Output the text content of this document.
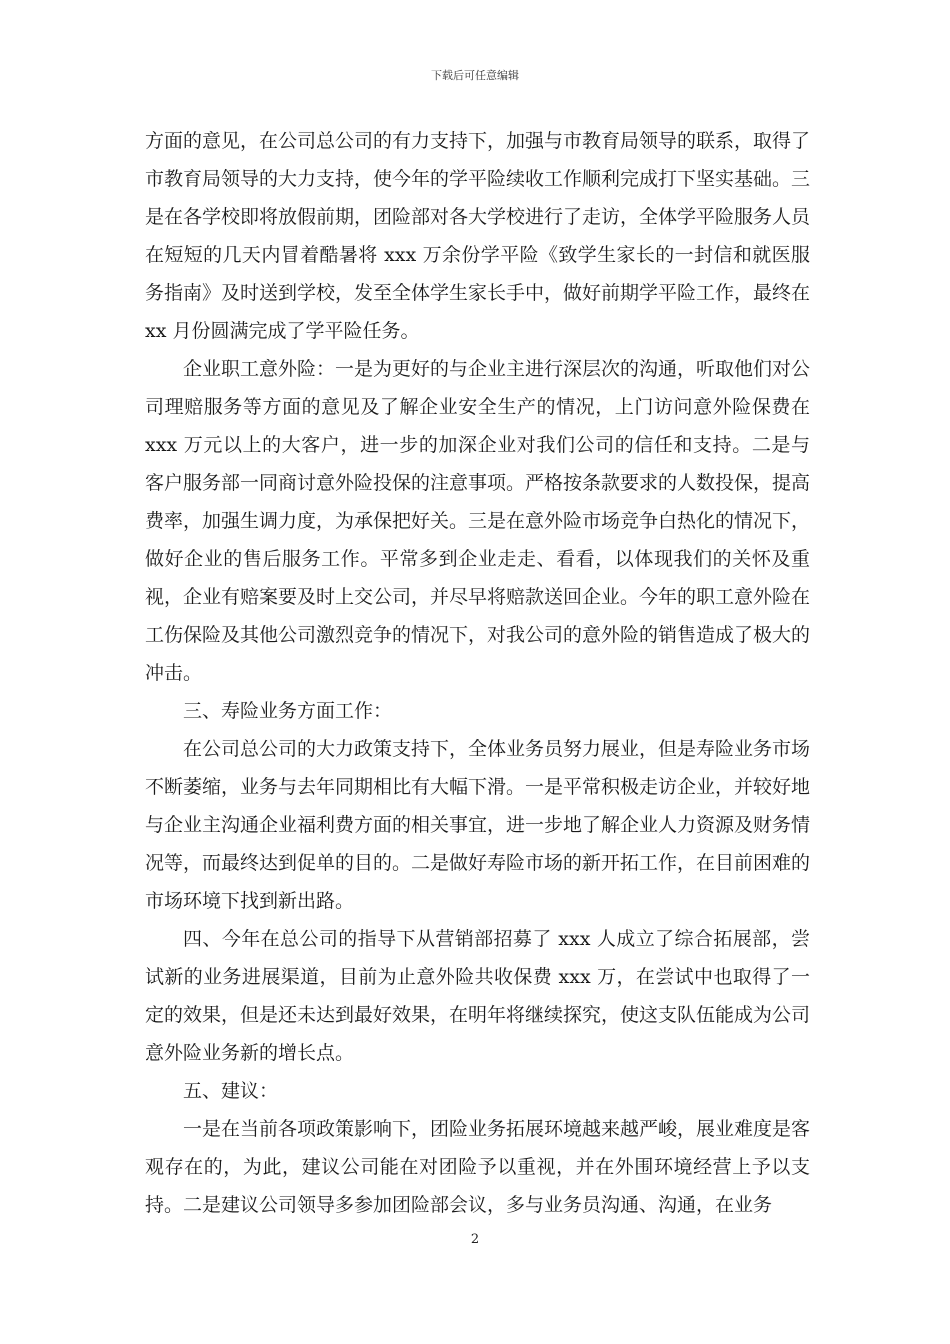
下载后可任意编辑

方面的意见，在公司总公司的有力支持下，加强与市教育局领导的联系，取得了市教育局领导的大力支持，使今年的学平险续收工作顺利完成打下坚实基础。三是在各学校即将放假前期，团险部对各大学校进行了走访，全体学平险服务人员在短短的几天内冒着酷暑将 xxx 万余份学平险《致学生家长的一封信和就医服务指南》及时送到学校，发至全体学生家长手中，做好前期学平险工作，最终在 xx 月份圆满完成了学平险任务。

企业职工意外险：一是为更好的与企业主进行深层次的沟通，听取他们对公司理赔服务等方面的意见及了解企业安全生产的情况，上门访问意外险保费在 xxx 万元以上的大客户，进一步的加深企业对我们公司的信任和支持。二是与客户服务部一同商讨意外险投保的注意事项。严格按条款要求的人数投保，提高费率，加强生调力度，为承保把好关。三是在意外险市场竞争白热化的情况下，做好企业的售后服务工作。平常多到企业走走、看看，以体现我们的关怀及重视，企业有赔案要及时上交公司，并尽早将赔款送回企业。今年的职工意外险在工伤保险及其他公司激烈竞争的情况下，对我公司的意外险的销售造成了极大的冲击。

三、寿险业务方面工作：

在公司总公司的大力政策支持下，全体业务员努力展业，但是寿险业务市场不断萎缩，业务与去年同期相比有大幅下滑。一是平常积极走访企业，并较好地与企业主沟通企业福利费方面的相关事宜，进一步地了解企业人力资源及财务情况等，而最终达到促单的目的。二是做好寿险市场的新开拓工作，在目前困难的市场环境下找到新出路。

四、今年在总公司的指导下从营销部招募了 xxx 人成立了综合拓展部，尝试新的业务进展渠道，目前为止意外险共收保费 xxx 万，在尝试中也取得了一定的效果，但是还未达到最好效果，在明年将继续探究，使这支队伍能成为公司意外险业务新的增长点。

五、建议：

一是在当前各项政策影响下，团险业务拓展环境越来越严峻，展业难度是客观存在的，为此，建议公司能在对团险予以重视，并在外围环境经营上予以支持。二是建议公司领导多参加团险部会议，多与业务员沟通、沟通，在业务

2
